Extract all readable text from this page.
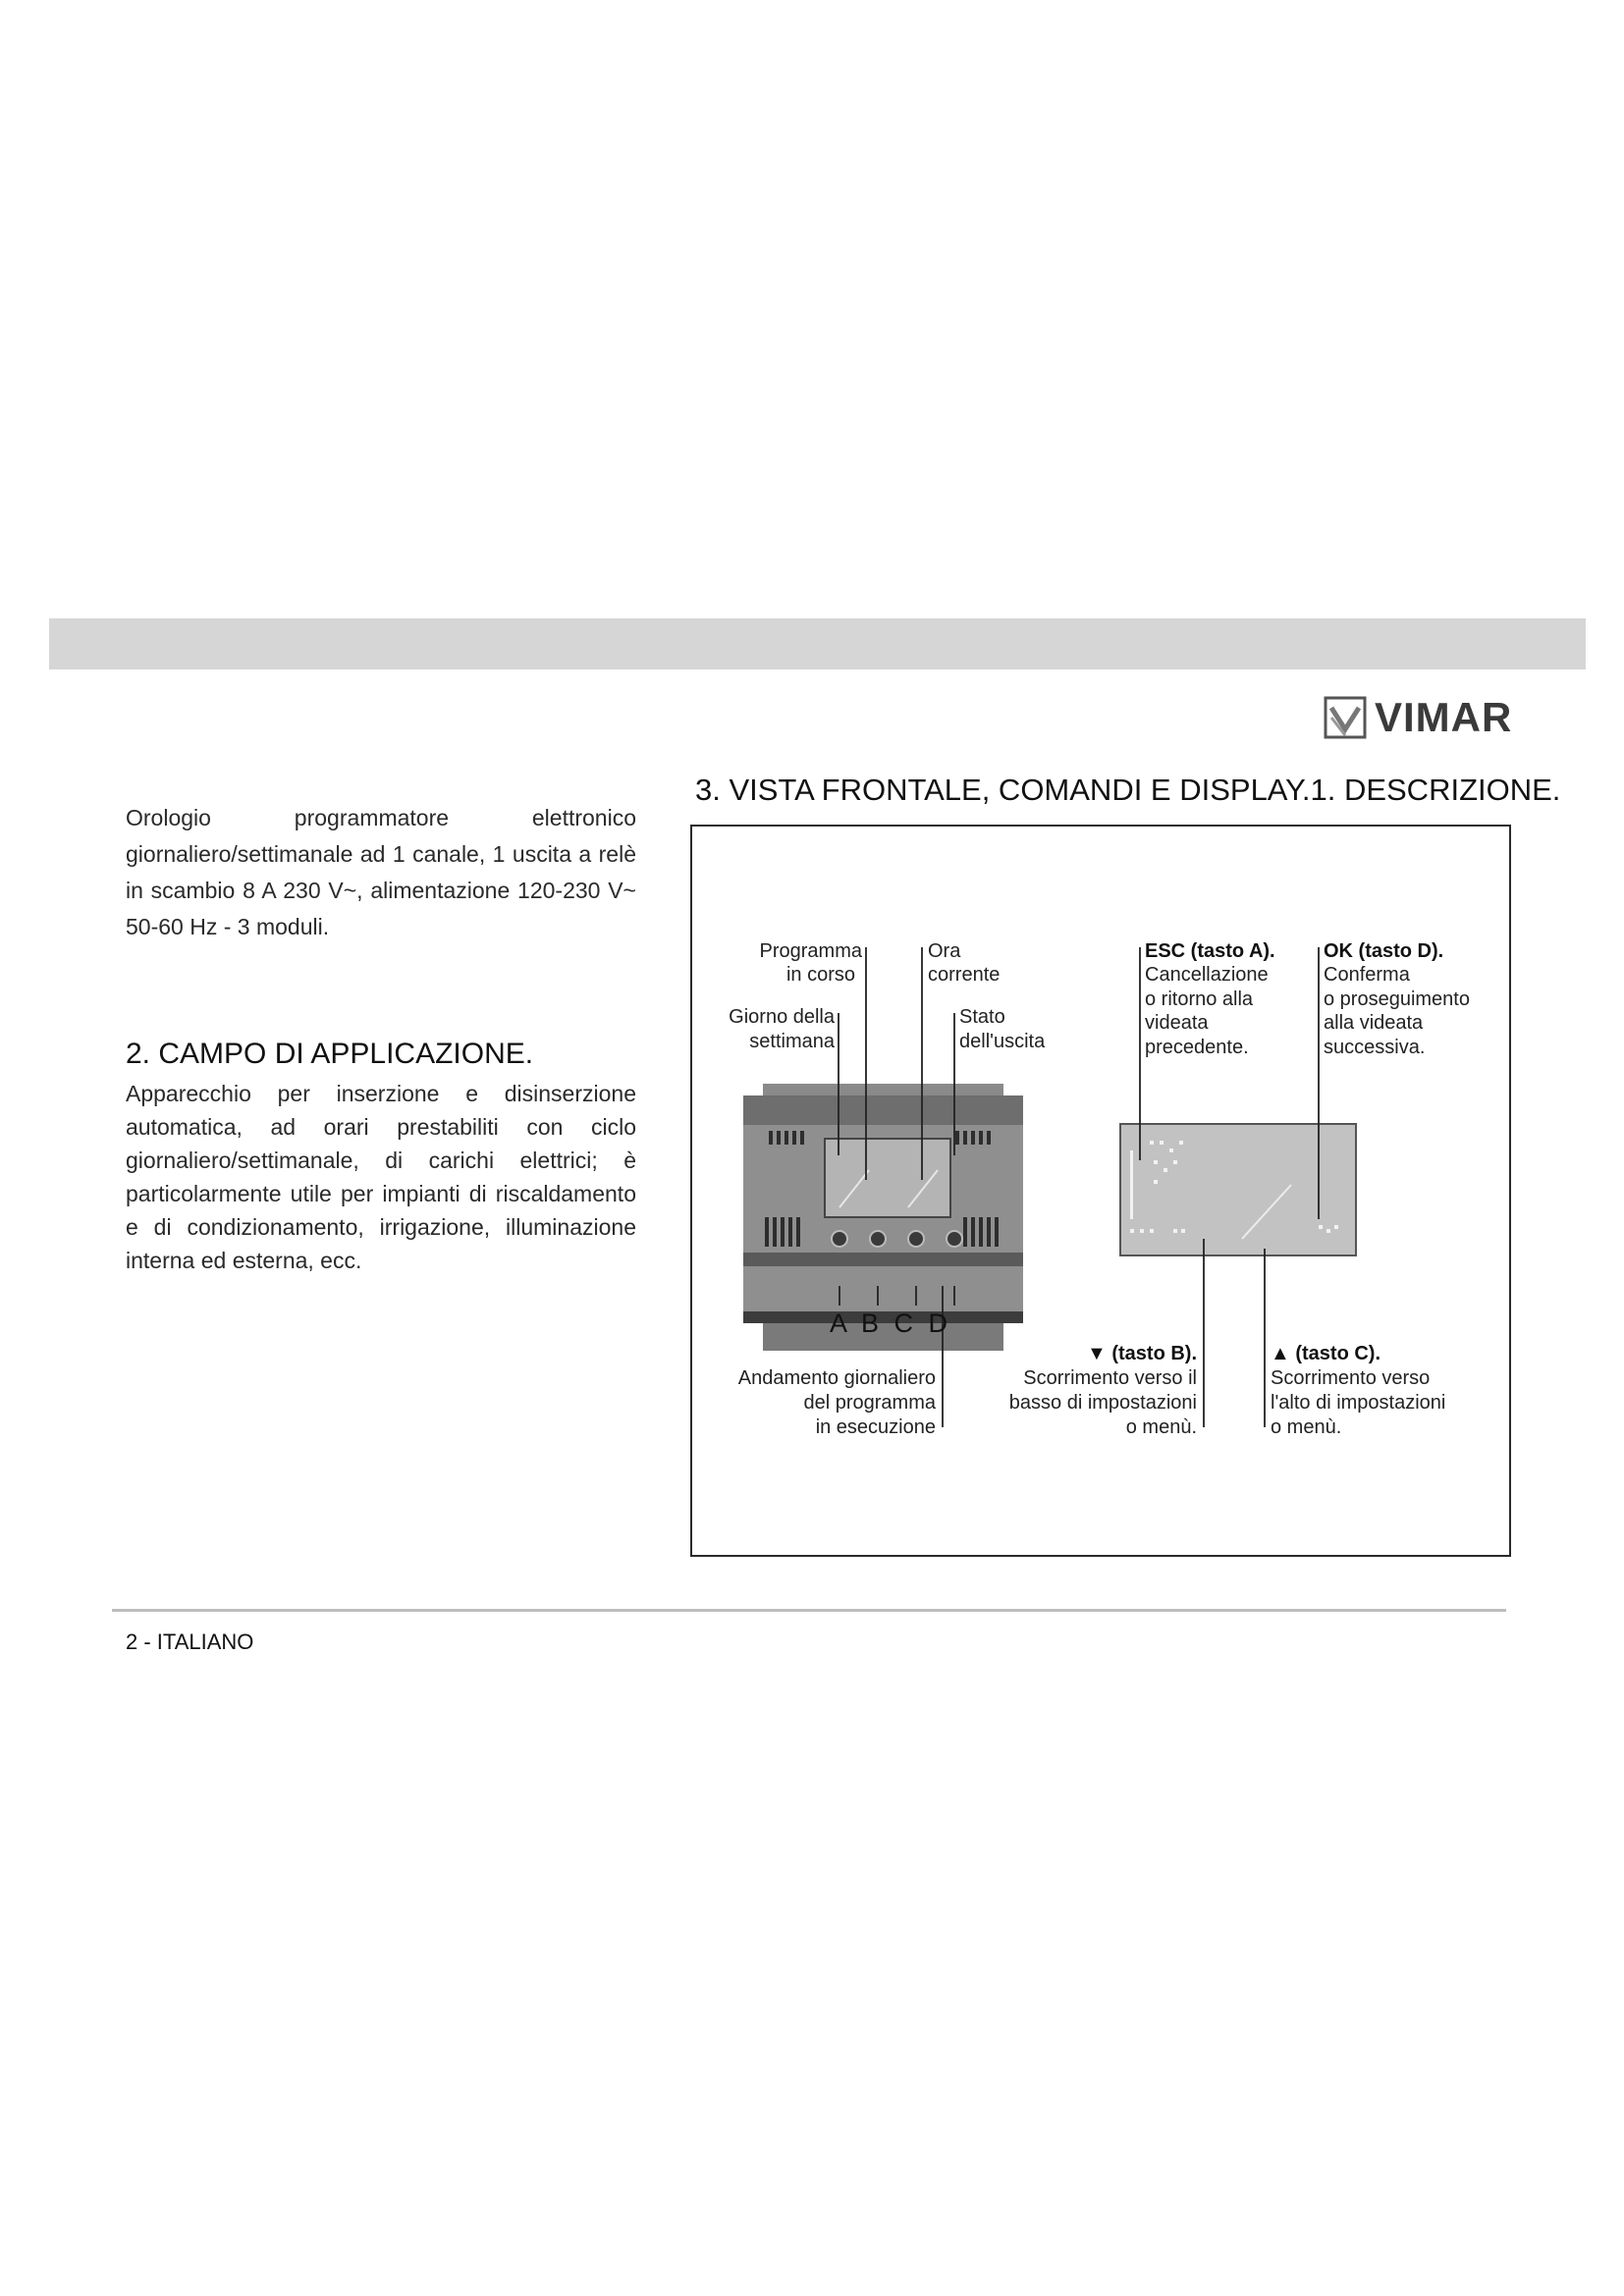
VIMAR
Orologio programmatore elettronico giornaliero/settimanale ad 1 canale, 1 uscita a relè in scambio 8 A 230 V~, alimentazione 120-230 V~ 50-60 Hz - 3 moduli.
2. CAMPO DI APPLICAZIONE.
Apparecchio per inserzione e disinserzione automatica, ad orari prestabiliti con ciclo giornaliero/settimanale, di carichi elettrici; è particolarmente utile per impianti di riscaldamento e di condizionamento, irrigazione, illuminazione interna ed esterna, ecc.
3. VISTA FRONTALE, COMANDI E DISPLAY.1. DESCRIZIONE.
Programma
in corso
Ora
corrente
Giorno della
settimana
Stato
dell'uscita
ESC (tasto A).
Cancellazione
o ritorno alla
videata
precedente.
OK (tasto D).
Conferma
o proseguimento
alla videata
successiva.
A B C D
Andamento giornaliero
del programma
in esecuzione
▼ (tasto B).
Scorrimento verso il
basso di impostazioni
o menù.
▲ (tasto C).
Scorrimento verso
l'alto di impostazioni
o menù.
2 - ITALIANO
